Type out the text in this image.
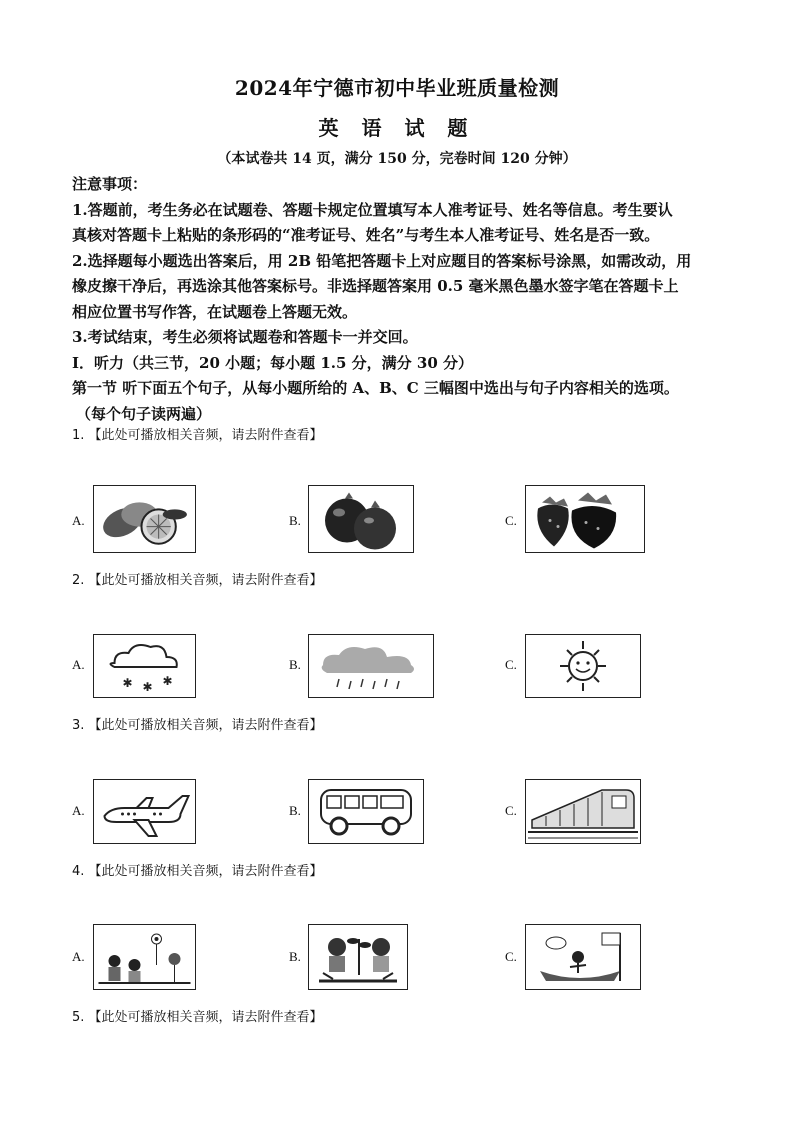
2024年宁德市初中毕业班质量检测
英 语 试 题
（本试卷共 14 页，满分 150 分，完卷时间 120 分钟）

注意事项：

1.答题前，考生务必在试题卷、答题卡规定位置填写本人准考证号、姓名等信息。考生要认

真核对答题卡上粘贴的条形码的“准考证号、姓名”与考生本人准考证号、姓名是否一致。

2.选择题每小题选出答案后，用 2B 铅笔把答题卡上对应题目的答案标号涂黑，如需改动，用

橡皮擦干净后，再选涂其他答案标号。非选择题答案用 0.5 毫米黑色墨水签字笔在答题卡上

相应位置书写作答，在试题卷上答题无效。

3.考试结束，考生必须将试题卷和答题卡一并交回。

Ⅰ．听力（共三节，20 小题；每小题 1.5 分，满分 30 分）

第一节 听下面五个句子，从每小题所给的 A、B、C 三幅图中选出与句子内容相关的选项。

（每个句子读两遍）

1. 【此处可播放相关音频，请去附件查看】
A.	B.	C.
2. 【此处可播放相关音频，请去附件查看】
A.
✱ ✱ ✱
B.	C.
3. 【此处可播放相关音频，请去附件查看】
A.	B.	C.
4. 【此处可播放相关音频，请去附件查看】
A.	B.	C.
5. 【此处可播放相关音频，请去附件查看】
